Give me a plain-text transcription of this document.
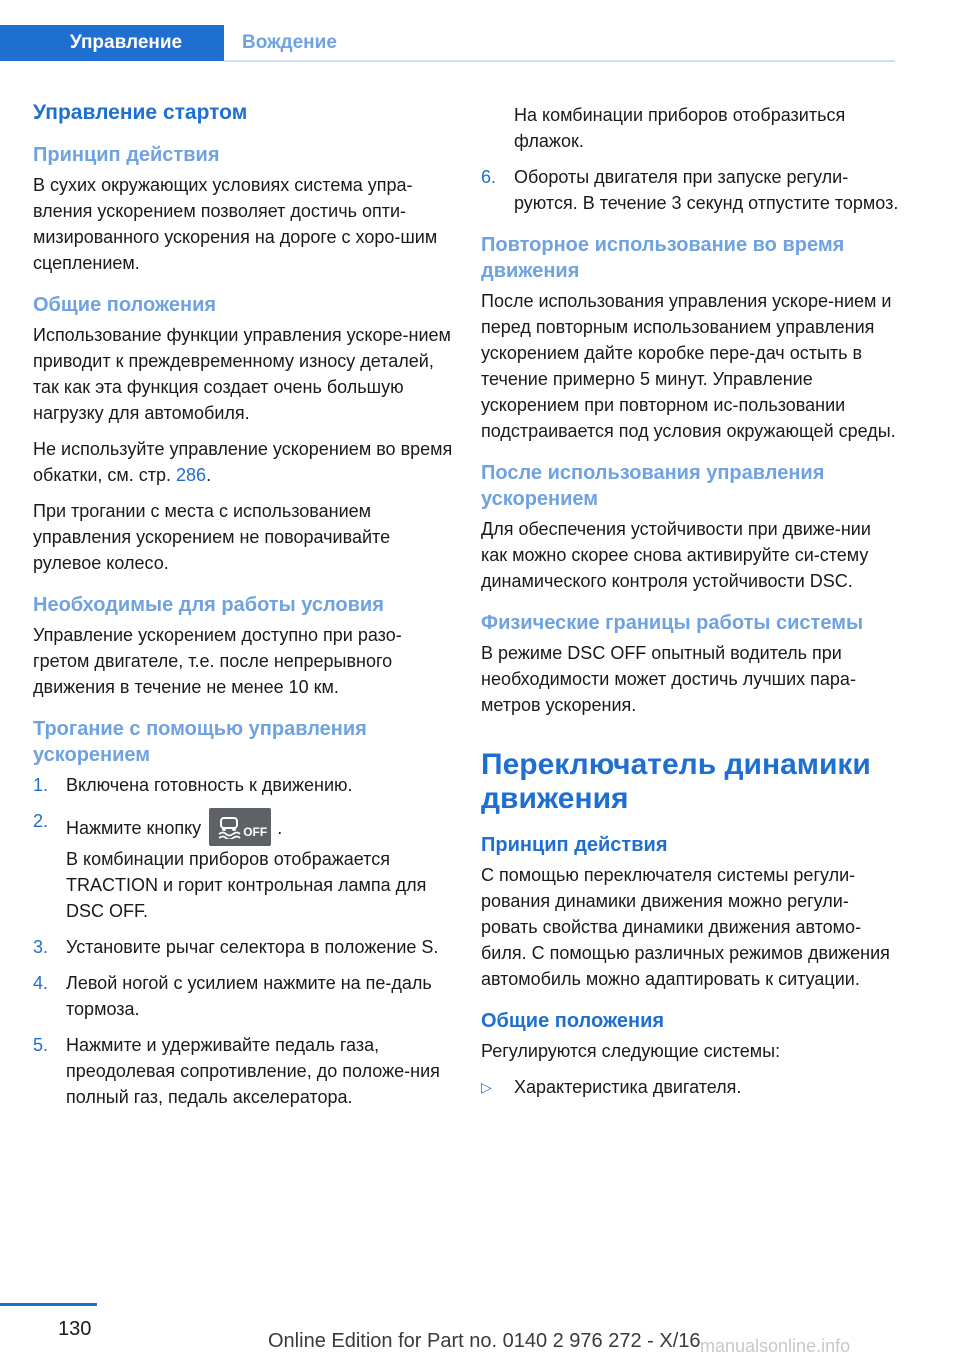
Управление	Вождение
Управление стартом
Принцип действия

В сухих окружающих условиях система упра-вления ускорением позволяет достичь опти-мизированного ускорения на дороге с хоро-шим сцеплением.

Общие положения

Использование функции управления ускоре-нием приводит к преждевременному износу деталей, так как эта функция создает очень большую нагрузку для автомобиля.

Не используйте управление ускорением во время обкатки, см. стр. 286.

При трогании с места с использованием управления ускорением не поворачивайте рулевое колесо.

Необходимые для работы условия

Управление ускорением доступно при разо-гретом двигателе, т.е. после непрерывного движения в течение не менее 10 км.

Трогание с помощью управления ускорением
1. Включена готовность к движению.
2. Нажмите кнопку	OFF .
В комбинации приборов отображается TRACTION и горит контрольная лампа для DSC OFF.
3. Установите рычаг селектора в положение S.
4. Левой ногой с усилием нажмите на пе-даль тормоза.
5. Нажмите и удерживайте педаль газа, преодолевая сопротивление, до положе-ния полный газ, педаль акселератора.
На комбинации приборов отобразиться флажок.
6. Обороты двигателя при запуске регули-руются. В течение 3 секунд отпустите тормоз.
Повторное использование во время движения

После использования управления ускоре-нием и перед повторным использованием управления ускорением дайте коробке пере-дач остыть в течение примерно 5 минут. Управление ускорением при повторном ис-пользовании подстраивается под условия окружающей среды.

После использования управления ускорением

Для обеспечения устойчивости при движе-нии как можно скорее снова активируйте си-стему динамического контроля устойчивости DSC.

Физические границы работы системы

В режиме DSC OFF опытный водитель при необходимости может достичь лучших пара-метров ускорения.

Переключатель динамики движения
Принцип действия

С помощью переключателя системы регули-рования динамики движения можно регули-ровать свойства динамики движения автомо-биля. С помощью различных режимов движения автомобиль можно адаптировать к ситуации.

Общие положения

Регулируются следующие системы:

▷ Характеристика двигателя.
130
Online Edition for Part no. 0140 2 976 272 - X/16 manualsonline.info
